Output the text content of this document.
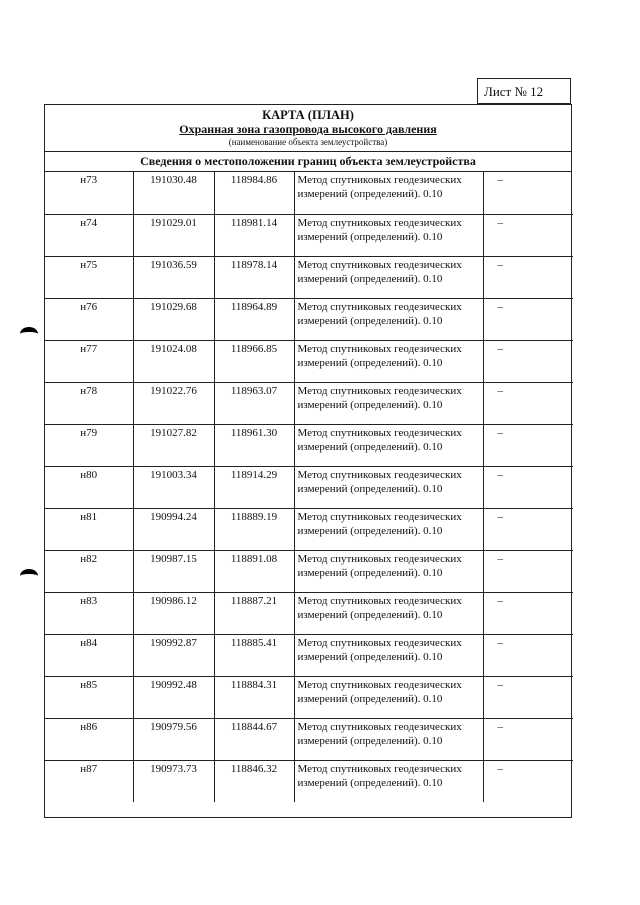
Лист № 12
КАРТА (ПЛАН)
Охранная зона газопровода высокого давления
(наименование объекта землеустройства)
Сведения о местоположении границ объекта землеустройства
н73	191030.48	118984.86	Метод спутниковых геодезических измерений (определений). 0.10	–
н74	191029.01	118981.14	Метод спутниковых геодезических измерений (определений). 0.10	–
н75	191036.59	118978.14	Метод спутниковых геодезических измерений (определений). 0.10	–
н76	191029.68	118964.89	Метод спутниковых геодезических измерений (определений). 0.10	–
н77	191024.08	118966.85	Метод спутниковых геодезических измерений (определений). 0.10	–
н78	191022.76	118963.07	Метод спутниковых геодезических измерений (определений). 0.10	–
н79	191027.82	118961.30	Метод спутниковых геодезических измерений (определений). 0.10	–
н80	191003.34	118914.29	Метод спутниковых геодезических измерений (определений). 0.10	–
н81	190994.24	118889.19	Метод спутниковых геодезических измерений (определений). 0.10	–
н82	190987.15	118891.08	Метод спутниковых геодезических измерений (определений). 0.10	–
н83	190986.12	118887.21	Метод спутниковых геодезических измерений (определений). 0.10	–
н84	190992.87	118885.41	Метод спутниковых геодезических измерений (определений). 0.10	–
н85	190992.48	118884.31	Метод спутниковых геодезических измерений (определений). 0.10	–
н86	190979.56	118844.67	Метод спутниковых геодезических измерений (определений). 0.10	–
н87	190973.73	118846.32	Метод спутниковых геодезических измерений (определений). 0.10	–
